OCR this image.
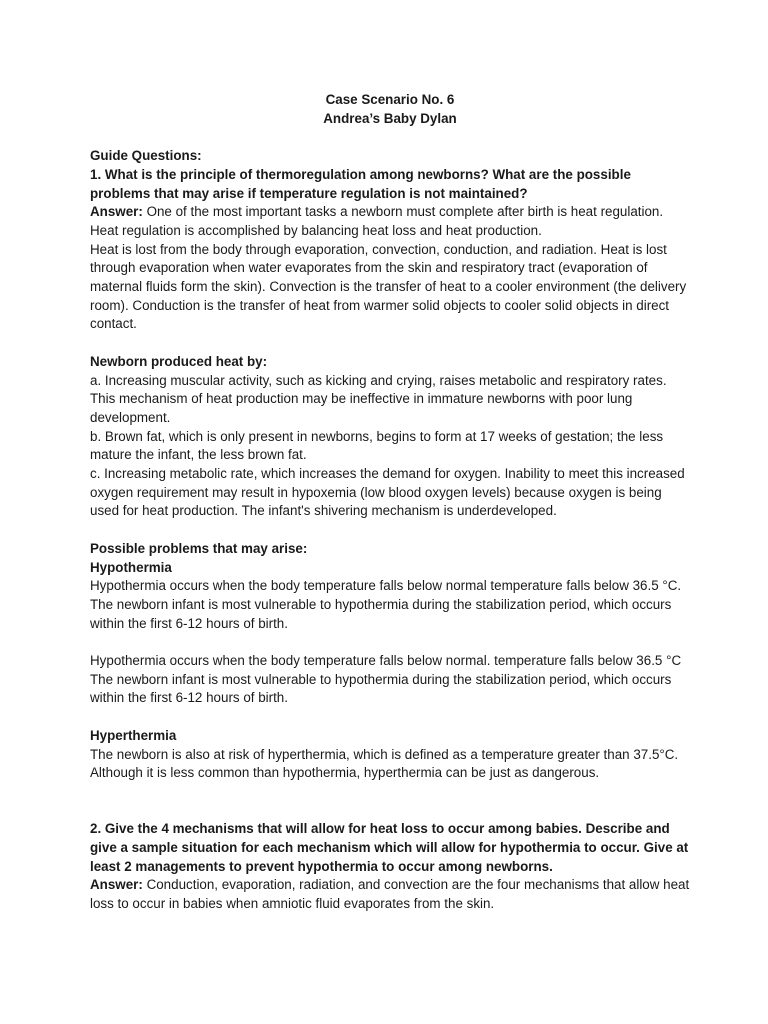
Case Scenario No. 6

Andrea’s Baby Dylan

Guide Questions:

1. What is the principle of thermoregulation among newborns? What are the possible problems that may arise if temperature regulation is not maintained?

Answer: One of the most important tasks a newborn must complete after birth is heat regulation. Heat regulation is accomplished by balancing heat loss and heat production.

Heat is lost from the body through evaporation, convection, conduction, and radiation. Heat is lost through evaporation when water evaporates from the skin and respiratory tract (evaporation of maternal fluids form the skin). Convection is the transfer of heat to a cooler environment (the delivery room). Conduction is the transfer of heat from warmer solid objects to cooler solid objects in direct contact.

Newborn produced heat by:

a. Increasing muscular activity, such as kicking and crying, raises metabolic and respiratory rates. This mechanism of heat production may be ineffective in immature newborns with poor lung development.

b. Brown fat, which is only present in newborns, begins to form at 17 weeks of gestation; the less mature the infant, the less brown fat.

c. Increasing metabolic rate, which increases the demand for oxygen. Inability to meet this increased oxygen requirement may result in hypoxemia (low blood oxygen levels) because oxygen is being used for heat production. The infant's shivering mechanism is underdeveloped.

Possible problems that may arise:

Hypothermia

Hypothermia occurs when the body temperature falls below normal temperature falls below 36.5 °C. The newborn infant is most vulnerable to hypothermia during the stabilization period, which occurs within the first 6-12 hours of birth.

Hypothermia occurs when the body temperature falls below normal. temperature falls below 36.5 °C The newborn infant is most vulnerable to hypothermia during the stabilization period, which occurs within the first 6-12 hours of birth.

Hyperthermia

The newborn is also at risk of hyperthermia, which is defined as a temperature greater than 37.5°C. Although it is less common than hypothermia, hyperthermia can be just as dangerous.

2. Give the 4 mechanisms that will allow for heat loss to occur among babies. Describe and give a sample situation for each mechanism which will allow for hypothermia to occur. Give at least 2 managements to prevent hypothermia to occur among newborns.

Answer: Conduction, evaporation, radiation, and convection are the four mechanisms that allow heat loss to occur in babies when amniotic fluid evaporates from the skin.
